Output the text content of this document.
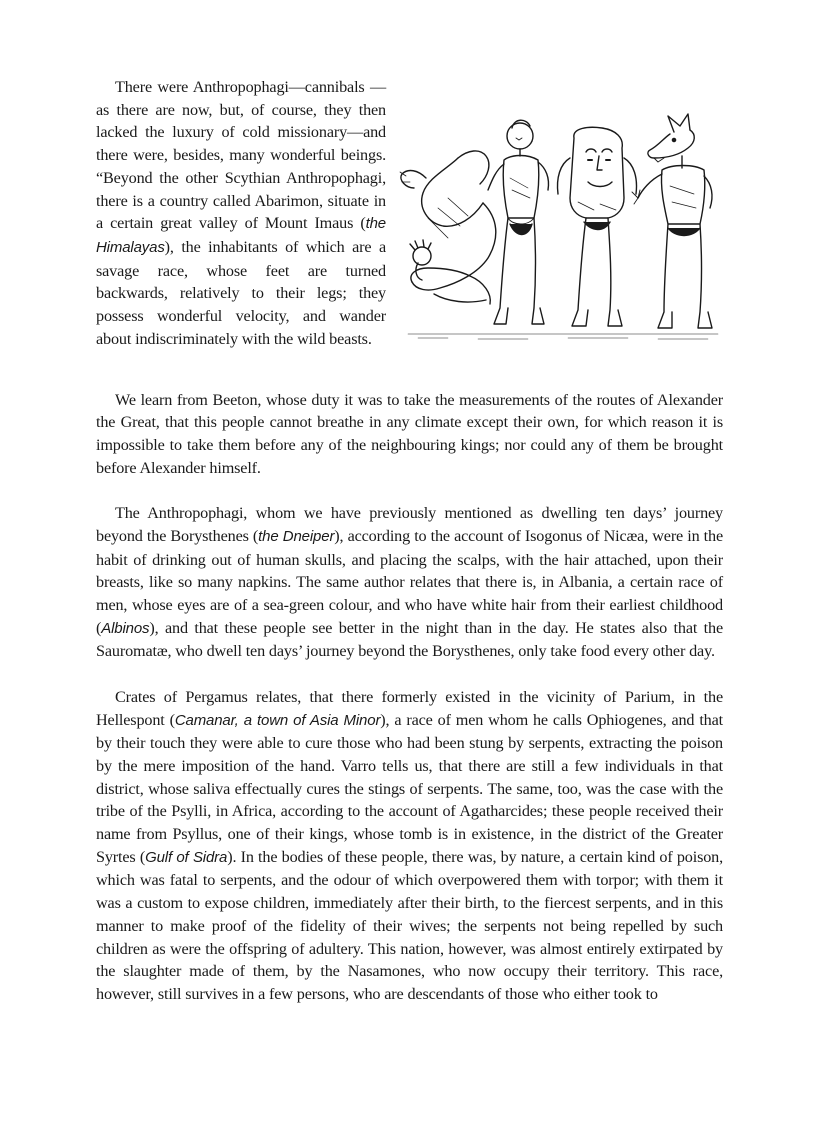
There were Anthropophagi—cannibals —as there are now, but, of course, they then lacked the luxury of cold missionary—and there were, besides, many wonderful beings. “Beyond the other Scythian Anthropophagi, there is a country called Abarimon, situate in a certain great valley of Mount Imaus (the Himalayas), the inhabitants of which are a savage race, whose feet are turned backwards, relatively to their legs; they possess wonderful velocity, and wander about indiscriminately with the wild beasts.

We learn from Beeton, whose duty it was to take the measurements of the routes of Alexander the Great, that this people cannot breathe in any climate except their own, for which reason it is impossible to take them before any of the neighbouring kings; nor could any of them be brought before Alexander himself.

The Anthropophagi, whom we have previously mentioned as dwelling ten days’ journey beyond the Borysthenes (the Dneiper), according to the account of Isogonus of Nicæa, were in the habit of drinking out of human skulls, and placing the scalps, with the hair attached, upon their breasts, like so many napkins. The same author relates that there is, in Albania, a certain race of men, whose eyes are of a sea-green colour, and who have white hair from their earliest childhood (Albinos), and that these people see better in the night than in the day. He states also that the Sauromatæ, who dwell ten days’ journey beyond the Borysthenes, only take food every other day.

Crates of Pergamus relates, that there formerly existed in the vicinity of Parium, in the Hellespont (Camanar, a town of Asia Minor), a race of men whom he calls Ophiogenes, and that by their touch they were able to cure those who had been stung by serpents, extracting the poison by the mere imposition of the hand. Varro tells us, that there are still a few individuals in that district, whose saliva effectually cures the stings of serpents. The same, too, was the case with the tribe of the Psylli, in Africa, according to the account of Agatharcides; these people received their name from Psyllus, one of their kings, whose tomb is in existence, in the district of the Greater Syrtes (Gulf of Sidra). In the bodies of these people, there was, by nature, a certain kind of poison, which was fatal to serpents, and the odour of which overpowered them with torpor; with them it was a custom to expose children, immediately after their birth, to the fiercest serpents, and in this manner to make proof of the fidelity of their wives; the serpents not being repelled by such children as were the offspring of adultery. This nation, however, was almost entirely extirpated by the slaughter made of them, by the Nasamones, who now occupy their territory. This race, however, still survives in a few persons, who are descendants of those who either took to
